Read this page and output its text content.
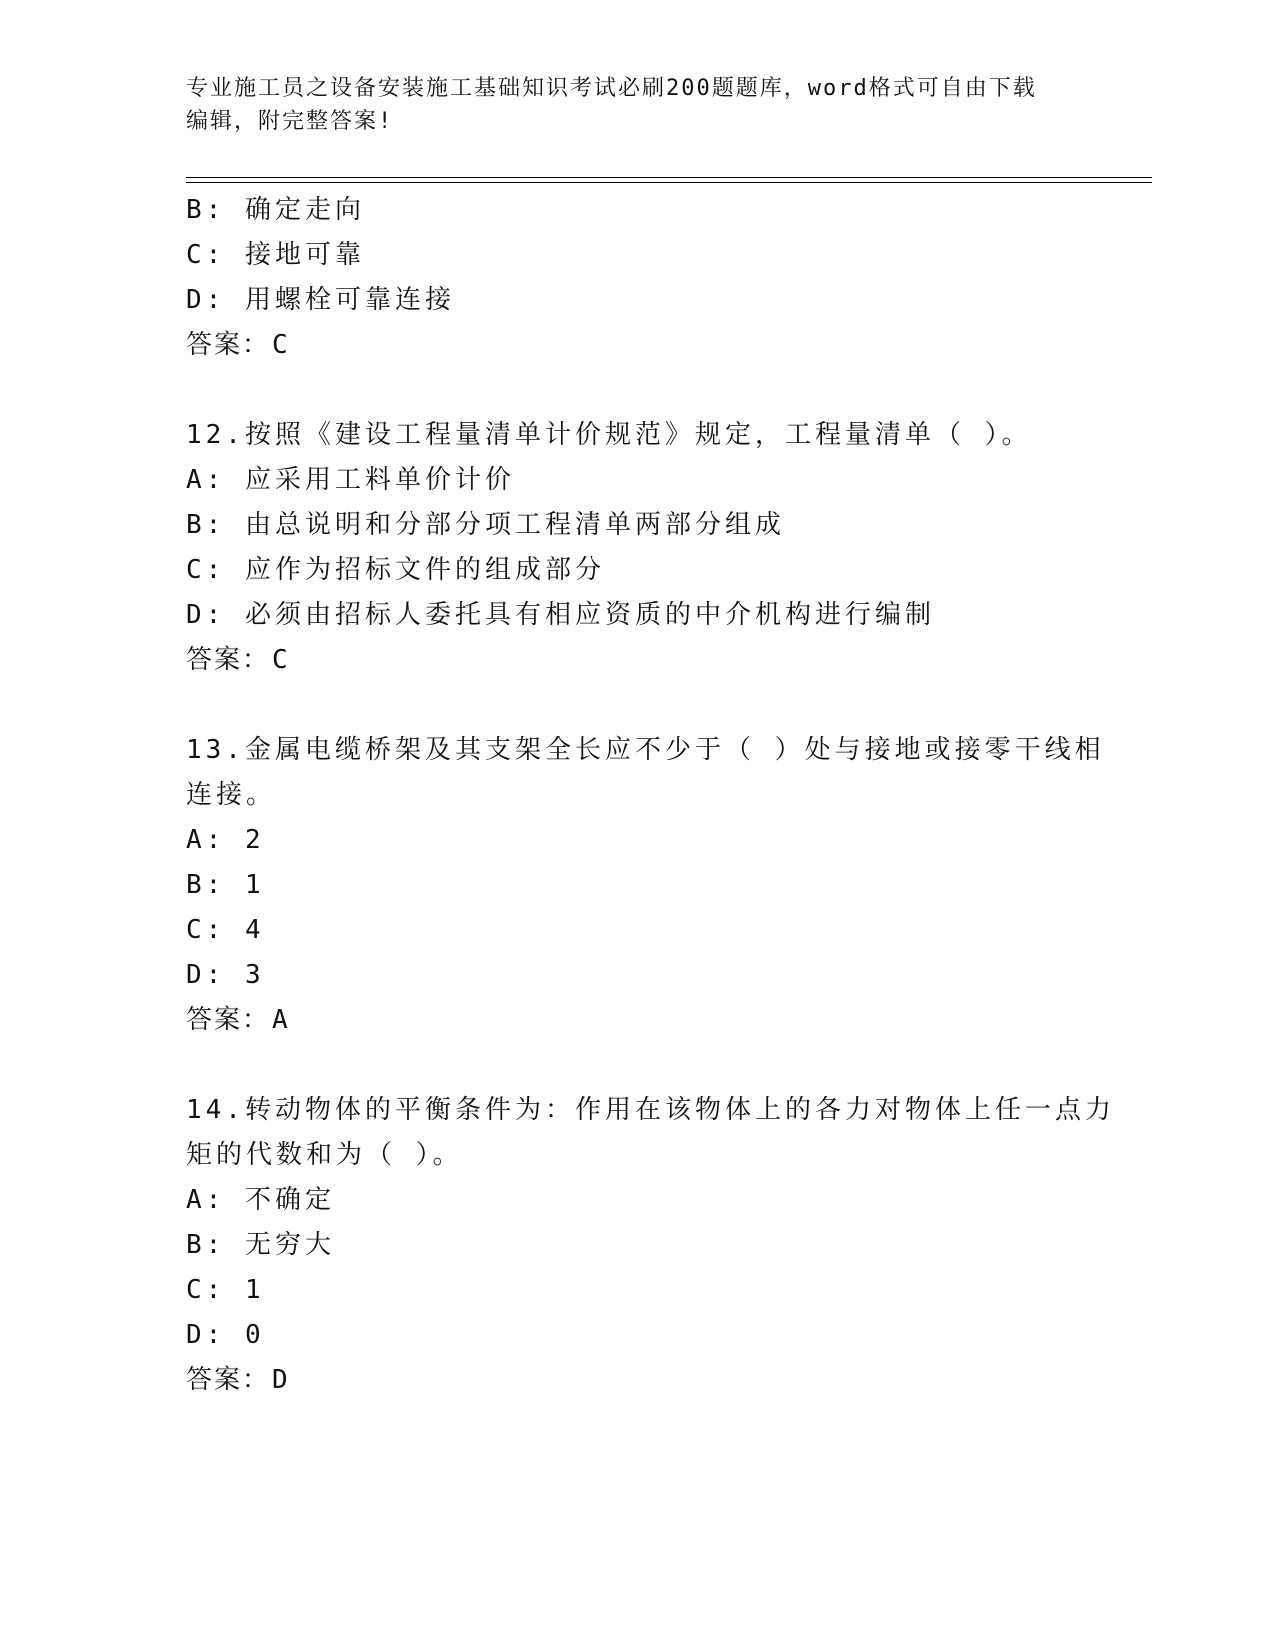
专业施工员之设备安装施工基础知识考试必刷200题题库，word格式可自由下载
编辑，附完整答案!
B: 确定走向
C: 接地可靠
D: 用螺栓可靠连接
答案：C
12.按照《建设工程量清单计价规范》规定，工程量清单（ ）。
A: 应采用工料单价计价
B: 由总说明和分部分项工程清单两部分组成
C: 应作为招标文件的组成部分
D: 必须由招标人委托具有相应资质的中介机构进行编制
答案：C
13.金属电缆桥架及其支架全长应不少于（ ）处与接地或接零干线相
连接。
A: 2
B: 1
C: 4
D: 3
答案：A
14.转动物体的平衡条件为：作用在该物体上的各力对物体上任一点力
矩的代数和为（ ）。
A: 不确定
B: 无穷大
C: 1
D: 0
答案：D
